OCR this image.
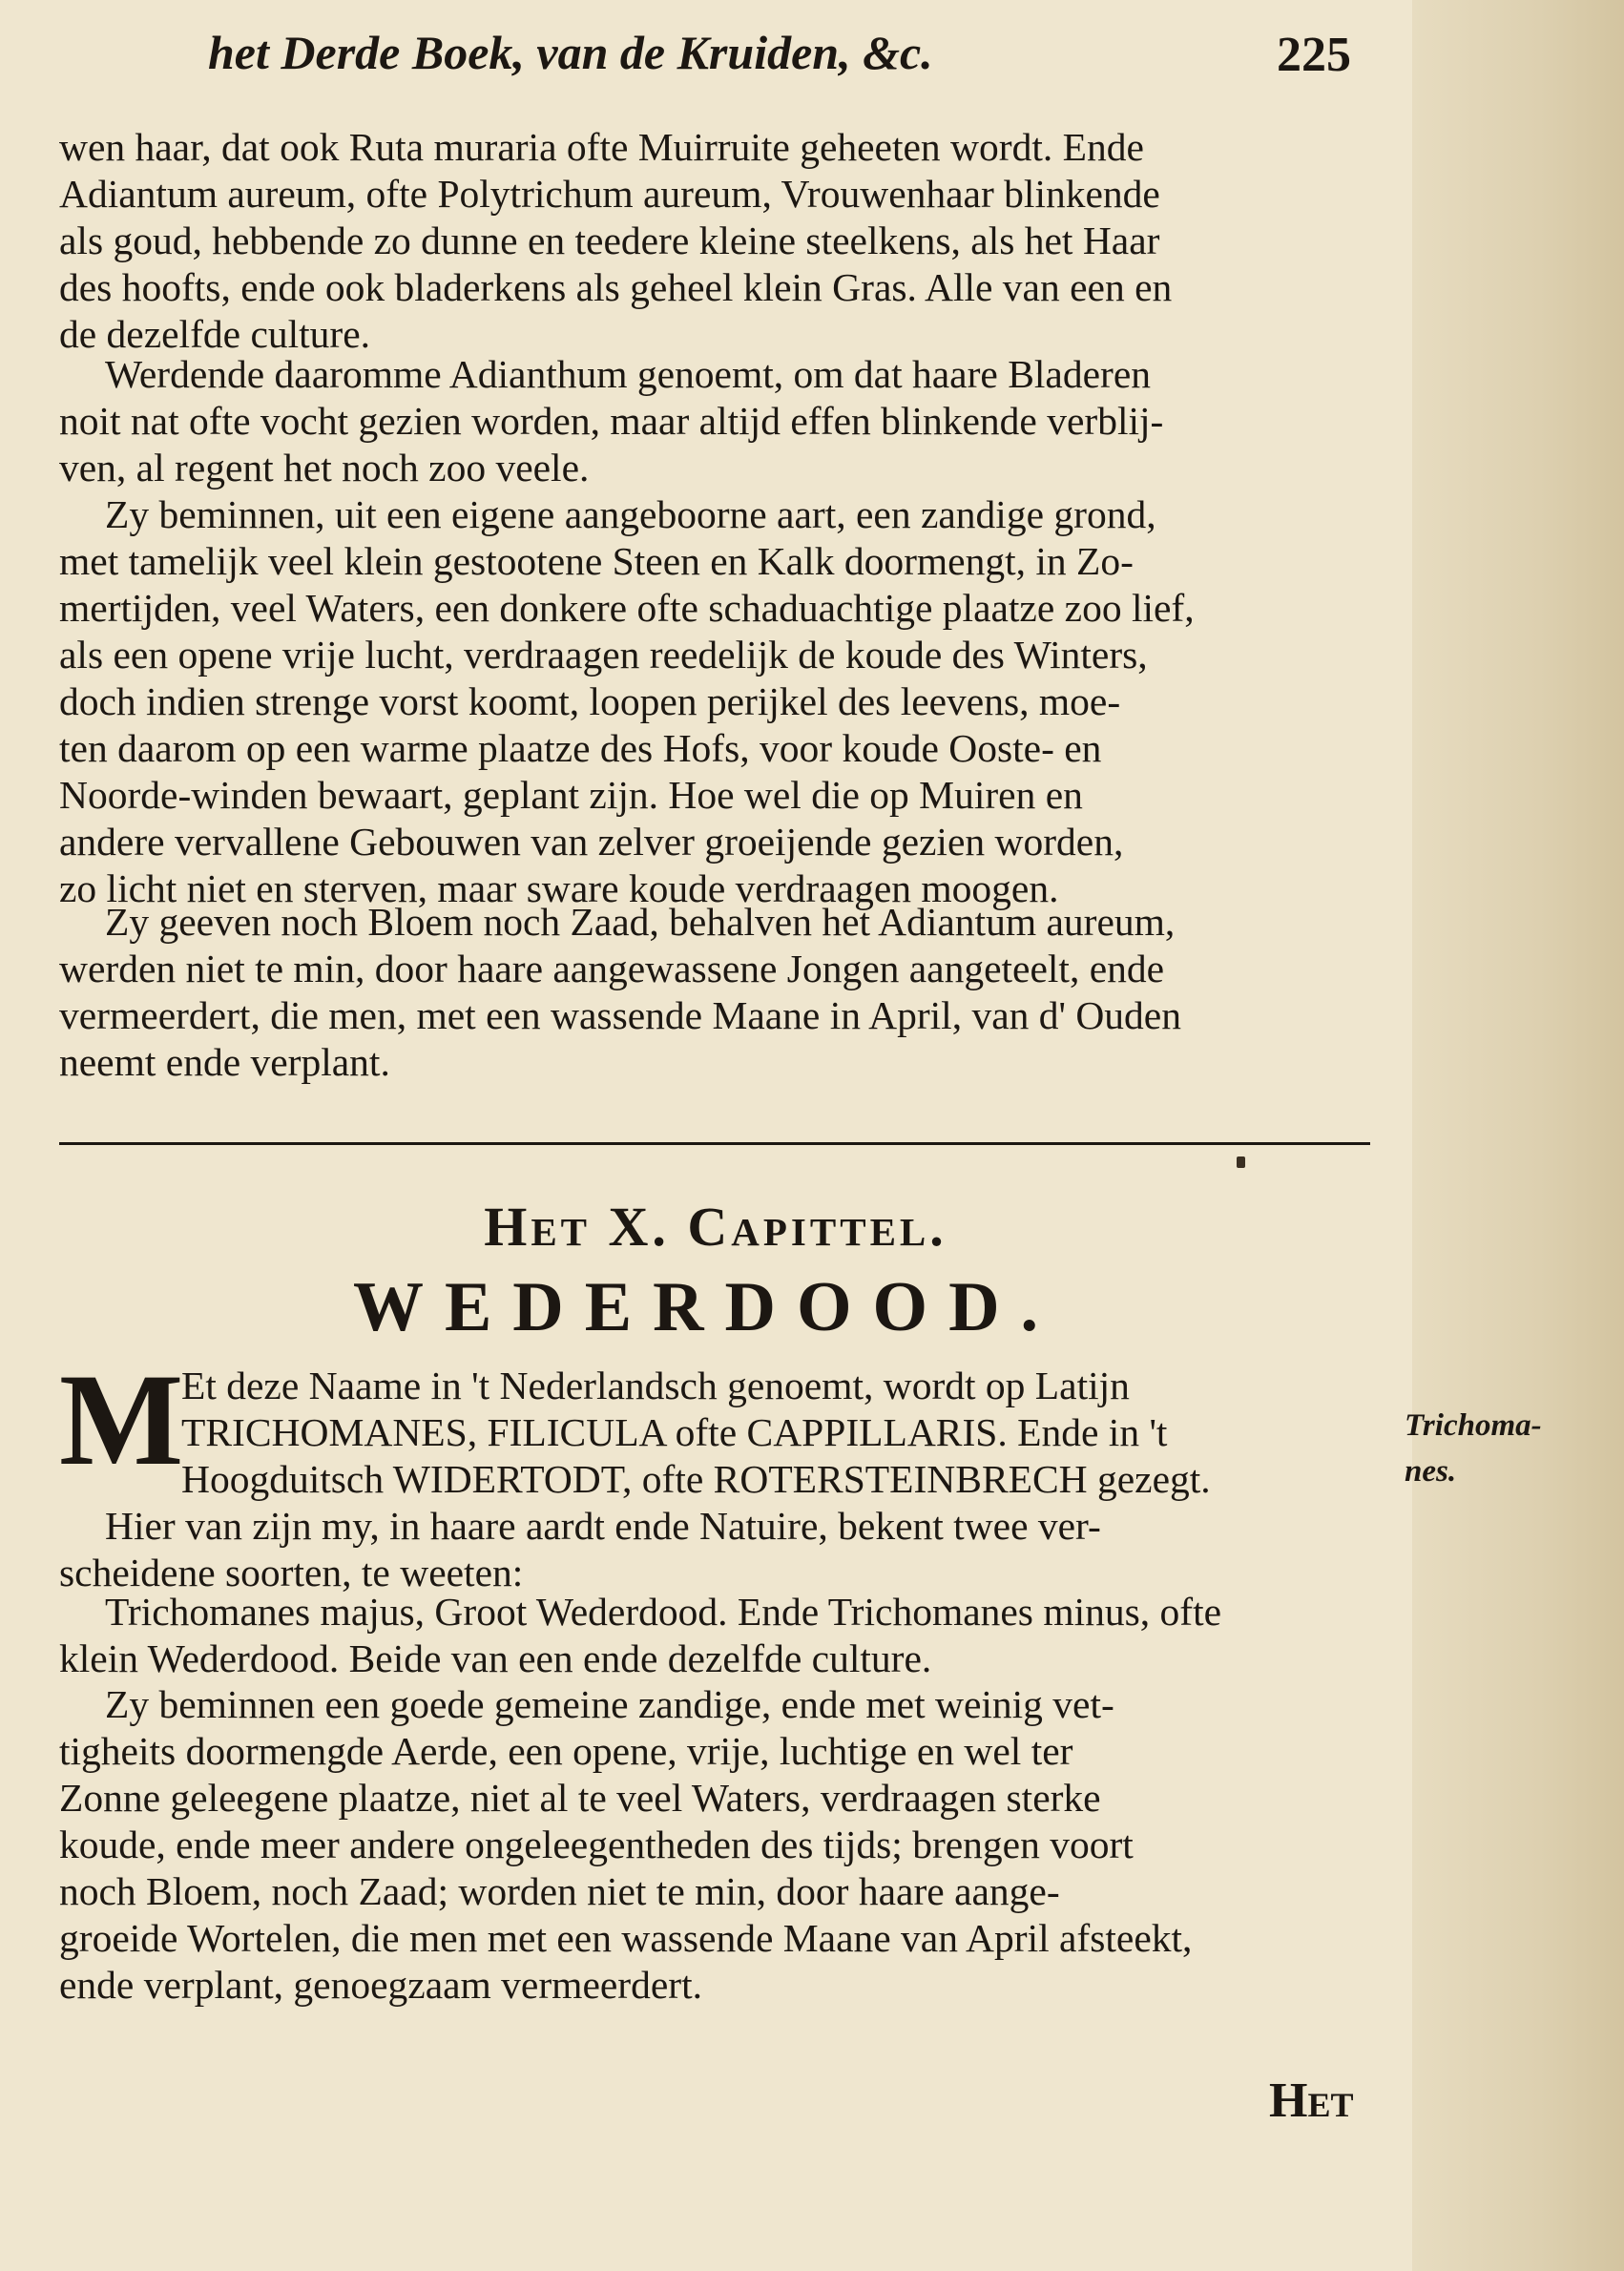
het Derde Boek, van de Kruiden, &c.	225
wen haar, dat ook Ruta muraria ofte Muirruite geheeten wordt. Ende
Adiantum aureum, ofte Polytrichum aureum, Vrouwenhaar blinkende
als goud, hebbende zo dunne en teedere kleine steelkens, als het Haar
des hoofts, ende ook bladerkens als geheel klein Gras. Alle van een en
de dezelfde culture.
Werdende daaromme Adianthum genoemt, om dat haare Bladeren
noit nat ofte vocht gezien worden, maar altijd effen blinkende verblij-
ven, al regent het noch zoo veele.
Zy beminnen, uit een eigene aangeboorne aart, een zandige grond,
met tamelijk veel klein gestootene Steen en Kalk doormengt, in Zo-
mertijden, veel Waters, een donkere ofte schaduachtige plaatze zoo lief,
als een opene vrije lucht, verdraagen reedelijk de koude des Winters,
doch indien strenge vorst koomt, loopen perijkel des leevens, moe-
ten daarom op een warme plaatze des Hofs, voor koude Ooste- en
Noorde-winden bewaart, geplant zijn. Hoe wel die op Muiren en
andere vervallene Gebouwen van zelver groeijende gezien worden,
zo licht niet en sterven, maar sware koude verdraagen moogen.
Zy geeven noch Bloem noch Zaad, behalven het Adiantum aureum,
werden niet te min, door haare aangewassene Jongen aangeteelt, ende
vermeerdert, die men, met een wassende Maane in April, van d' Ouden
neemt ende verplant.
Het X. Capittel.
WEDERDOOD.
M
Et deze Naame in 't Nederlandsch genoemt, wordt op Latijn
TRICHOMANES, FILICULA ofte CAPPILLARIS. Ende in 't
Hoogduitsch WIDERTODT, ofte ROTERSTEINBRECH gezegt.
Hier van zijn my, in haare aardt ende Natuire, bekent twee ver-
scheidene soorten, te weeten:
Trichoma-
nes.
Trichomanes majus, Groot Wederdood. Ende Trichomanes minus, ofte
klein Wederdood. Beide van een ende dezelfde culture.
Zy beminnen een goede gemeine zandige, ende met weinig vet-
tigheits doormengde Aerde, een opene, vrije, luchtige en wel ter
Zonne geleegene plaatze, niet al te veel Waters, verdraagen sterke
koude, ende meer andere ongeleegentheden des tijds; brengen voort
noch Bloem, noch Zaad; worden niet te min, door haare aange-
groeide Wortelen, die men met een wassende Maane van April afsteekt,
ende verplant, genoegzaam vermeerdert.
Het
